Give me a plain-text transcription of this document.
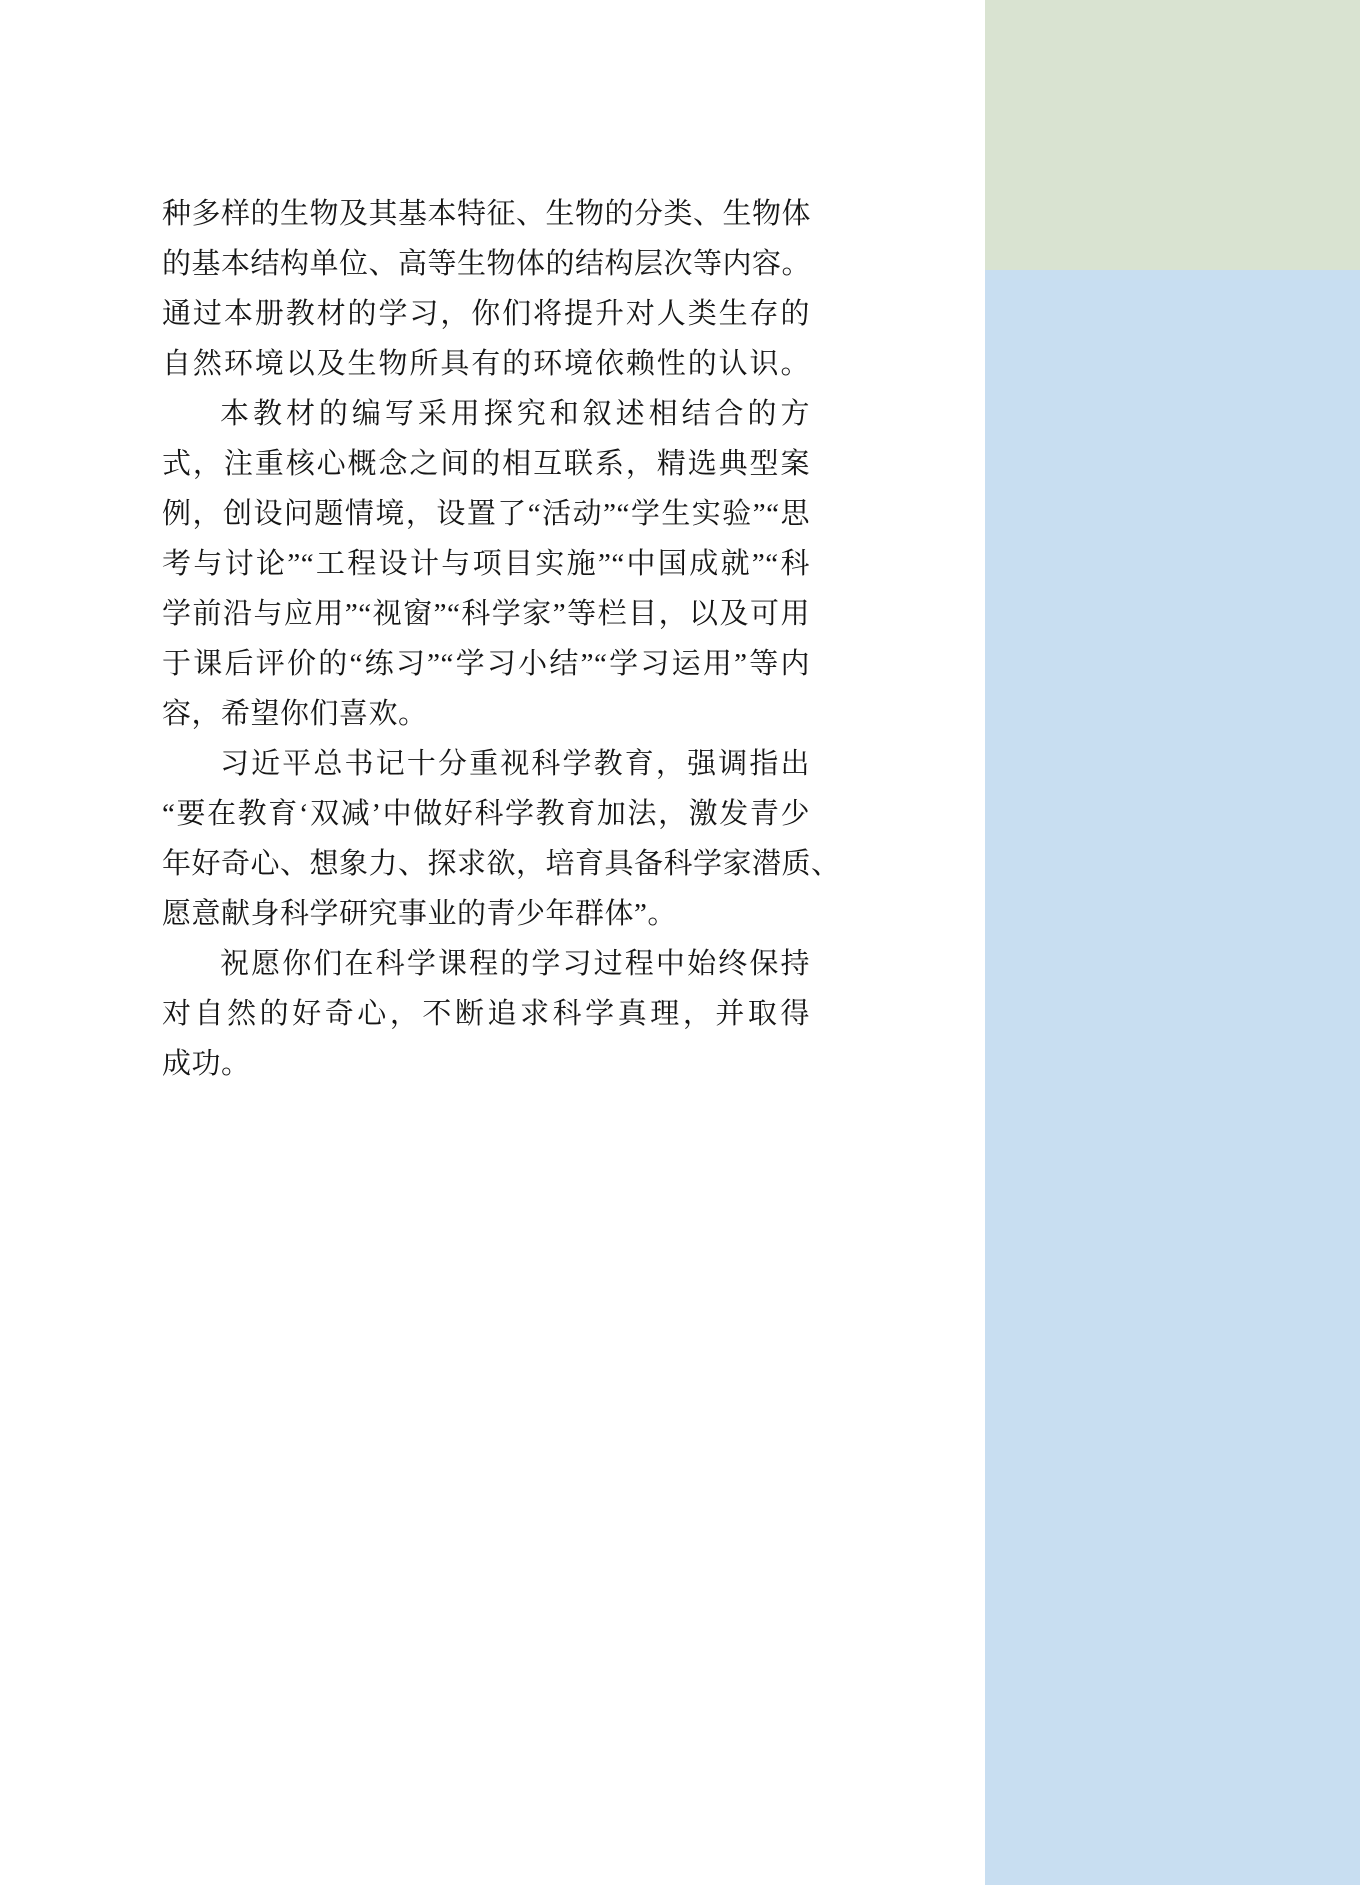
种多样的生物及其基本特征、生物的分类、生物体
的基本结构单位、高等生物体的结构层次等内容。
通过本册教材的学习，你们将提升对人类生存的
自然环境以及生物所具有的环境依赖性的认识。
本教材的编写采用探究和叙述相结合的方
式，注重核心概念之间的相互联系，精选典型案
例，创设问题情境，设置了“活动”“学生实验”“思
考与讨论”“工程设计与项目实施”“中国成就”“科
学前沿与应用”“视窗”“科学家”等栏目，以及可用
于课后评价的“练习”“学习小结”“学习运用”等内
容，希望你们喜欢。
习近平总书记十分重视科学教育，强调指出
“要在教育‘双减’中做好科学教育加法，激发青少
年好奇心、想象力、探求欲，培育具备科学家潜质、
愿意献身科学研究事业的青少年群体”。
祝愿你们在科学课程的学习过程中始终保持
对自然的好奇心，不断追求科学真理，并取得
成功。
